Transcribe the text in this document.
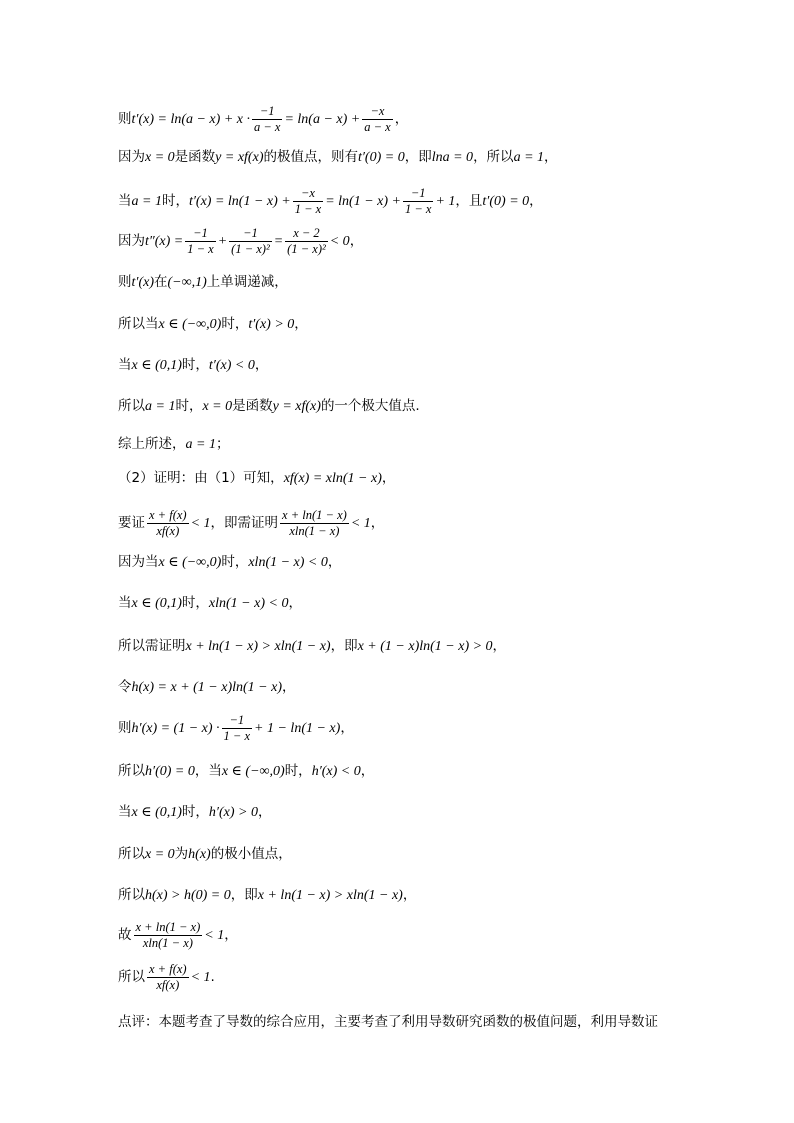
则$t'(x) = \ln(a - x) + x \cdot \frac{-1}{a - x} = \ln(a - x) + \frac{-x}{a - x}$ ，
因为x = 0是函数y = xf(x)的极值点，则有t′(0) = 0，即lna = 0，所以a = 1，
当a = 1时，$t'(x) = \ln(1 - x) + \frac{-x}{1 - x} = \ln(1 - x) + \frac{-1}{1 - x} + 1$，且t′(0) = 0，
因为$t''(x) = \frac{-1}{1 - x} + \frac{-1}{\text{(1 − x)²}} = \frac{x - 2}{\text{(1 − x)²}} < 0$，
则t′(x)在(−∞,1)上单调递减，
所以当x ∈ (−∞,0)时，t′(x) > 0，
当x ∈ (0,1)时，t′(x) < 0，
所以a = 1时，x = 0是函数y = xf(x)的一个极大值点.
综上所述，a = 1；
（2）证明：由（1）可知，xf(x) = xln(1 − x)，
要证 $\frac{x + f(x)}{xf(x)} < 1$，即需证明 $\frac{x + \ln(1 - x)}{xln(1 - x)} < 1$，
因为当x ∈ (−∞,0)时，xln(1 − x) < 0，
当x ∈ (0,1)时，xln(1 − x) < 0，
所以需证明x + ln(1 − x) > xln(1 − x)，即x + (1 − x)ln(1 − x) > 0，
令h(x) = x + (1 − x)ln(1 − x)，
则$h'(x) = (1 - x) \cdot \frac{-1}{1 - x} + 1 - \ln(1 - x)$，
所以h′(0) = 0，当x ∈ (−∞,0)时，h′(x) < 0，
当x ∈ (0,1)时，h′(x) > 0，
所以x = 0为h(x)的极小值点，
所以h(x) > h(0) = 0，即x + ln(1 − x) > xln(1 − x)，
故 $\frac{x + \ln(1 - x)}{xln(1 - x)} < 1$，
所以 $\frac{x + f(x)}{xf(x)} < 1$.
点评：本题考查了导数的综合应用，主要考查了利用导数研究函数的极值问题，利用导数证
